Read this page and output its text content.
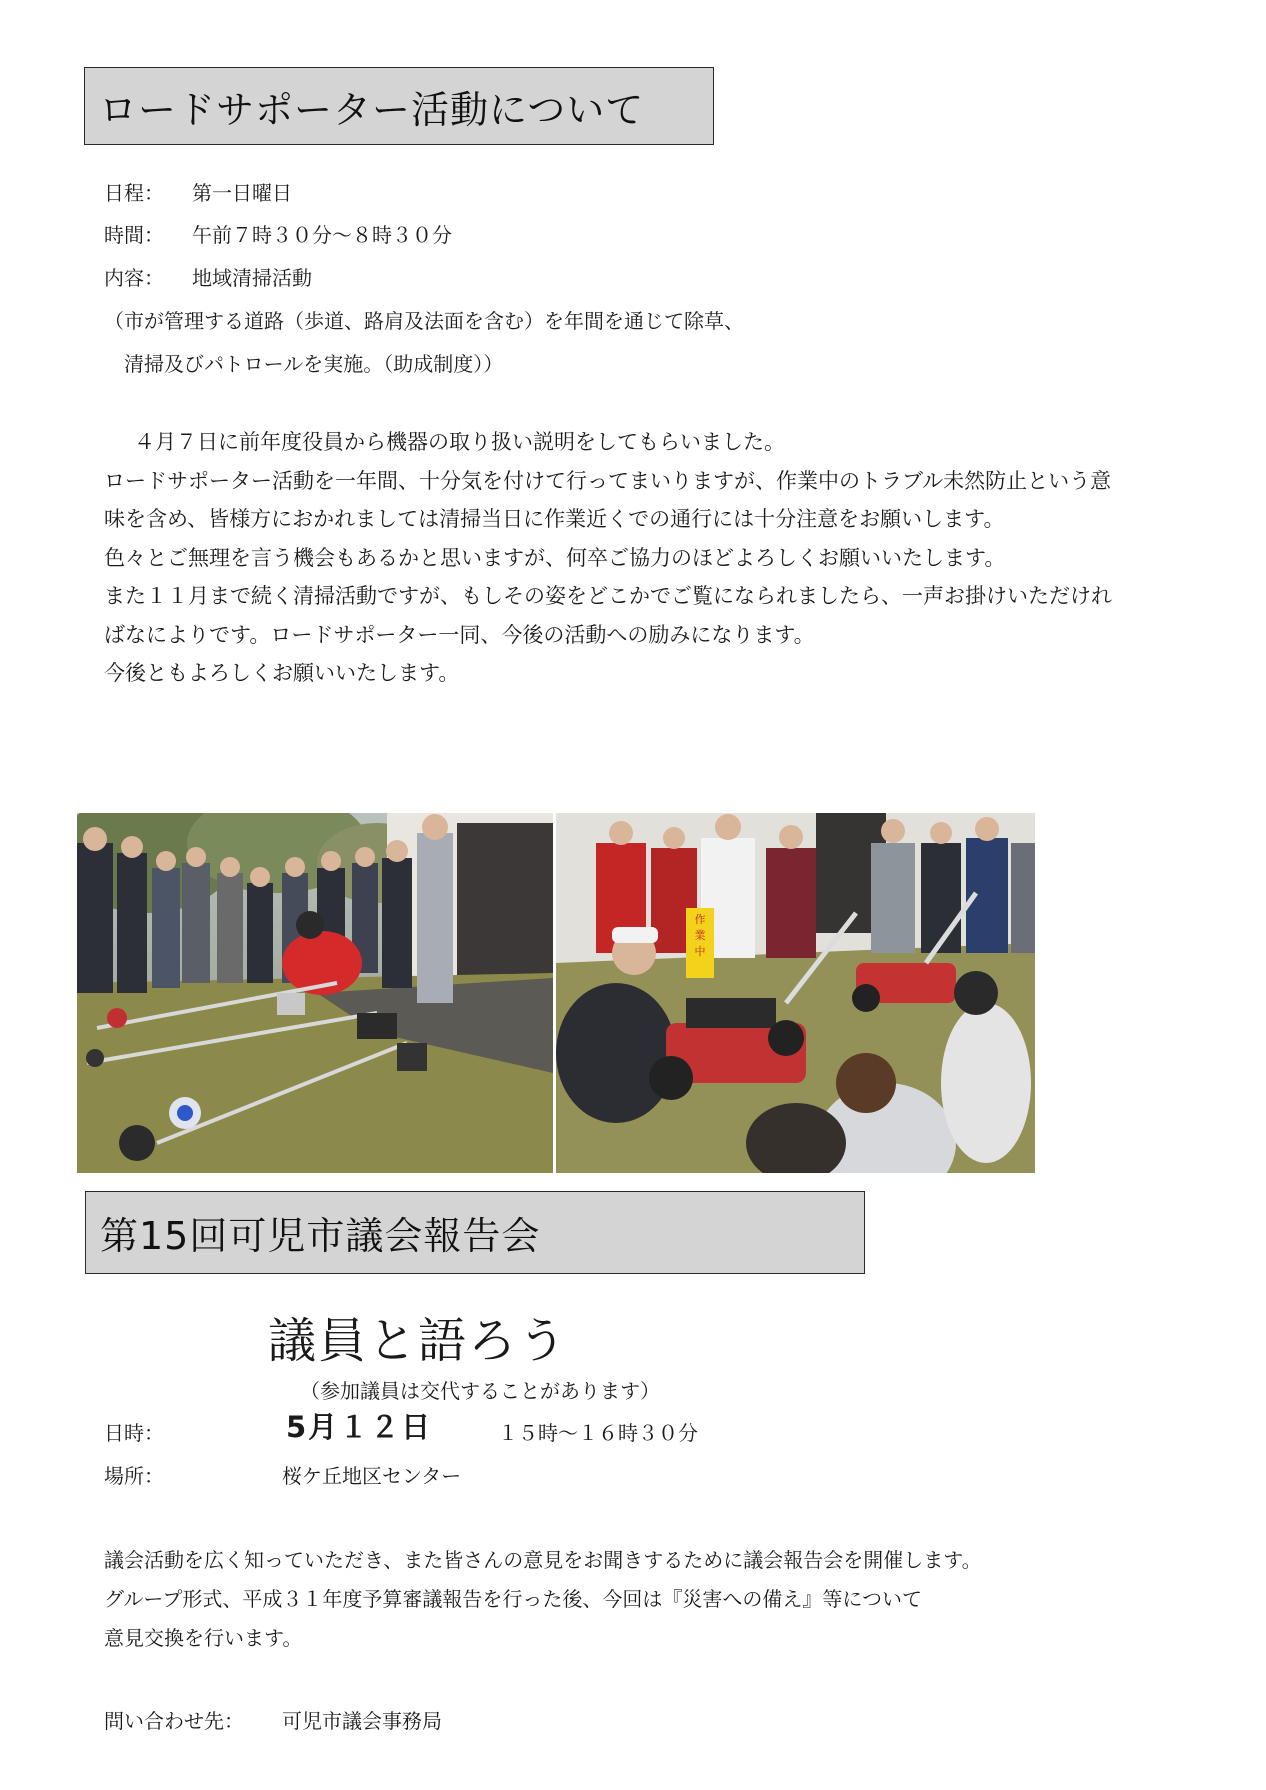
ロードサポーター活動について
日程： 第一日曜日
時間： 午前７時３０分～８時３０分
内容： 地域清掃活動
（市が管理する道路（歩道、路肩及法面を含む）を年間を通じて除草、
清掃及びパトロールを実施。（助成制度））

４月７日に前年度役員から機器の取り扱い説明をしてもらいました。

ロードサポーター活動を一年間、十分気を付けて行ってまいりますが、作業中のトラブル未然防止という意味を含め、皆様方におかれましては清掃当日に作業近くでの通行には十分注意をお願いします。

色々とご無理を言う機会もあるかと思いますが、何卒ご協力のほどよろしくお願いいたします。

また１１月まで続く清掃活動ですが、もしその姿をどこかでご覧になられましたら、一声お掛けいただければなによりです。ロードサポーター一同、今後の活動への励みになります。

今後ともよろしくお願いいたします。

作業中
第15回可児市議会報告会
議員と語ろう
（参加議員は交代することがあります）
日時：	5月１２日	１５時～１６時３０分
場所：	桜ケ丘地区センター

議会活動を広く知っていただき、また皆さんの意見をお聞きするために議会報告会を開催します。

グループ形式、平成３１年度予算審議報告を行った後、今回は『災害への備え』等について

意見交換を行います。

問い合わせ先： 可児市議会事務局
